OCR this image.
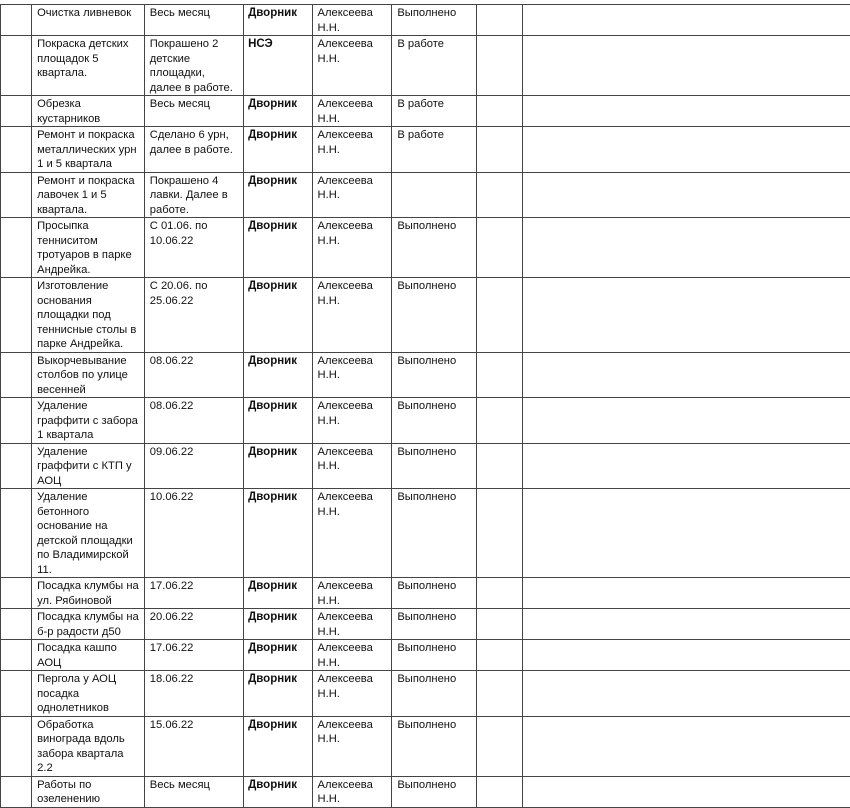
	Очистка ливневок	Весь месяц	Дворник	Алексеева Н.Н.	Выполнено		
	Покраска детских площадок 5 квартала.	Покрашено 2 детские площадки, далее в работе.	НСЭ	Алексеева Н.Н.	В работе		
	Обрезка кустарников	Весь месяц	Дворник	Алексеева Н.Н.	В работе		
	Ремонт и покраска металлических урн 1 и 5 квартала	Сделано 6 урн, далее в работе.	Дворник	Алексеева Н.Н.	В работе		
	Ремонт и покраска лавочек 1 и 5 квартала.	Покрашено 4 лавки. Далее в работе.	Дворник	Алексеева Н.Н.			
	Просыпка тенниситом тротуаров в парке Андрейка.	С 01.06. по 10.06.22	Дворник	Алексеева Н.Н.	Выполнено		
	Изготовление основания площадки под теннисные столы в парке Андрейка.	С 20.06. по 25.06.22	Дворник	Алексеева Н.Н.	Выполнено		
	Выкорчевывание столбов по улице весенней	08.06.22	Дворник	Алексеева Н.Н.	Выполнено		
	Удаление граффити с забора 1 квартала	08.06.22	Дворник	Алексеева Н.Н.	Выполнено		
	Удаление граффити с КТП у АОЦ	09.06.22	Дворник	Алексеева Н.Н.	Выполнено		
	Удаление бетонного основание на детской площадки по Владимирской 11.	10.06.22	Дворник	Алексеева Н.Н.	Выполнено		
	Посадка клумбы на ул. Рябиновой	17.06.22	Дворник	Алексеева Н.Н.	Выполнено		
	Посадка клумбы на б-р радости д50	20.06.22	Дворник	Алексеева Н.Н.	Выполнено		
	Посадка кашпо АОЦ	17.06.22	Дворник	Алексеева Н.Н.	Выполнено		
	Пергола у АОЦ посадка однолетников	18.06.22	Дворник	Алексеева Н.Н.	Выполнено		
	Обработка винограда вдоль забора квартала 2.2	15.06.22	Дворник	Алексеева Н.Н.	Выполнено		
	Работы по озеленению	Весь месяц	Дворник	Алексеева Н.Н.	Выполнено		
